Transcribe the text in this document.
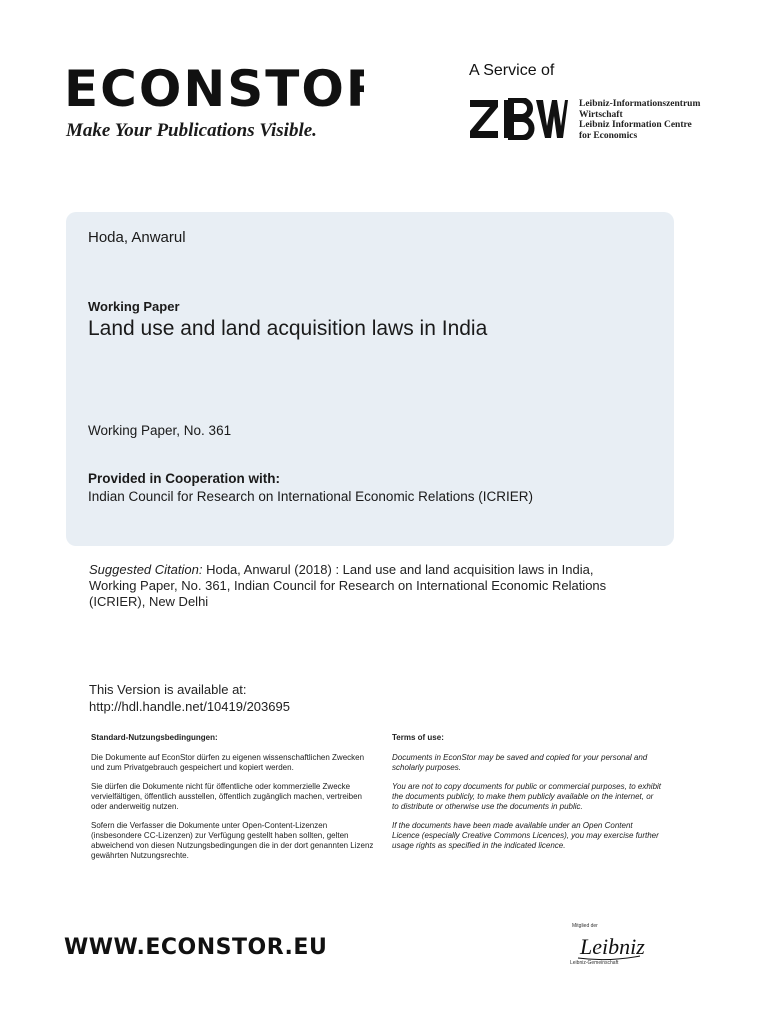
ECONSTOR
Make Your Publications Visible.
A Service of
Leibniz-Informationszentrum
Wirtschaft
Leibniz Information Centre
for Economics
Hoda, Anwarul
Working Paper
Land use and land acquisition laws in India
Working Paper, No. 361
Provided in Cooperation with:
Indian Council for Research on International Economic Relations (ICRIER)
Suggested Citation: Hoda, Anwarul (2018) : Land use and land acquisition laws in India, Working Paper, No. 361, Indian Council for Research on International Economic Relations (ICRIER), New Delhi
This Version is available at:
http://hdl.handle.net/10419/203695
Standard-Nutzungsbedingungen:

Die Dokumente auf EconStor dürfen zu eigenen wissenschaftlichen Zwecken und zum Privatgebrauch gespeichert und kopiert werden.

Sie dürfen die Dokumente nicht für öffentliche oder kommerzielle Zwecke vervielfältigen, öffentlich ausstellen, öffentlich zugänglich machen, vertreiben oder anderweitig nutzen.

Sofern die Verfasser die Dokumente unter Open-Content-Lizenzen (insbesondere CC-Lizenzen) zur Verfügung gestellt haben sollten, gelten abweichend von diesen Nutzungsbedingungen die in der dort genannten Lizenz gewährten Nutzungsrechte.

Terms of use:

Documents in EconStor may be saved and copied for your personal and scholarly purposes.

You are not to copy documents for public or commercial purposes, to exhibit the documents publicly, to make them publicly available on the internet, or to distribute or otherwise use the documents in public.

If the documents have been made available under an Open Content Licence (especially Creative Commons Licences), you may exercise further usage rights as specified in the indicated licence.

WWW.ECONSTOR.EU
Mitglied der
Leibniz
Leibniz-Gemeinschaft
